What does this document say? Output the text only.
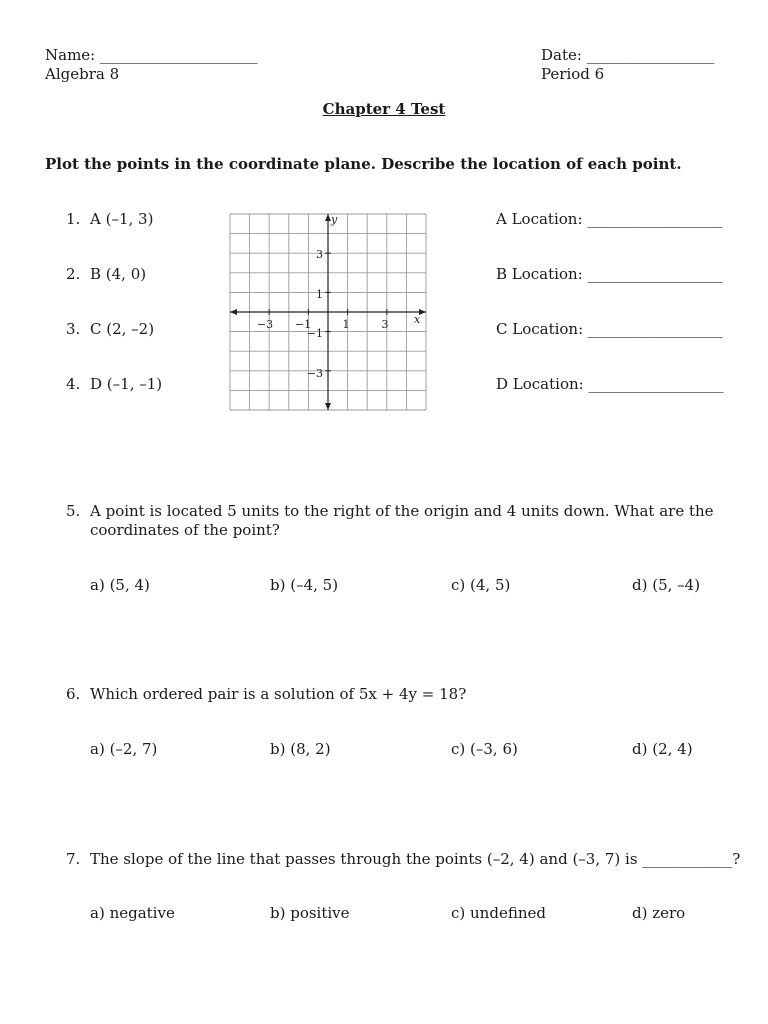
Name: _____________________
Algebra 8
Date: _________________
Period 6
Chapter 4 Test
Plot the points in the coordinate plane. Describe the location of each point.
1. A (–1, 3)
2. B (4, 0)
3. C (2, –2)
4. D (–1, –1)
A Location: __________________
B Location: __________________
C Location: __________________
D Location: __________________
x
y
−3 −1	1	3
3
1
−1
−3
5. A point is located 5 units to the right of the origin and 4 units down. What are the
coordinates of the point?
a) (5, 4)	b) (–4, 5)	c) (4, 5)	d) (5, –4)
6. Which ordered pair is a solution of 5x + 4y = 18?
a) (–2, 7)	b) (8, 2)	c) (–3, 6)	d) (2, 4)
7. The slope of the line that passes through the points (–2, 4) and (–3, 7) is ____________?
a) negative	b) positive	c) undefined	d) zero
